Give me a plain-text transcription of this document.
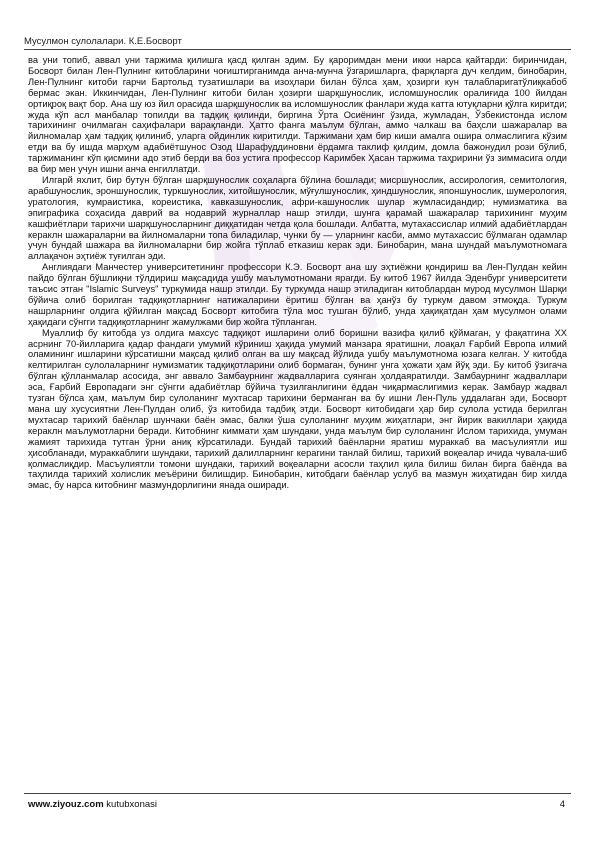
Мусулмон сулолалари. К.Е.Босворт

ва уни топиб, аввал уни таржима қилишга қасд қилган эдим. Бу қароримдан мени икки нарса қайтарди: биринчидан, Босворт билан Лен-Пулнинг китобларини чоғиштирганимда анча-мунча ўзгаришларга, фарқларга дуч келдим, бинобарин, Лен-Пулнинг китоби гарчи Бартольд тузатишлари ва изоҳлари билан бўлса ҳам, ҳозирги кун талабларигатўлиқкабоб бермас экан. Иккинчидан, Лен-Пулнинг китоби билан ҳозирги шарқшунослик, исломшунослик оралиғида 100 йилдан ортиқроқ вақт бор. Ана шу юз йил орасида шарқшунослик ва исломшунослик фанлари жуда катта ютуқларни қўлга киритди; жуда кўп асл манбалар топилди ва тадқиқ қилинди, биргина Ўрта Осиёнинг ўзида, жумладан, Ўзбекистонда ислом тарихининг очилмаган саҳифалари варақланди. Ҳатто фанга маълум бўлган, аммо чалкаш ва баҳсли шажаралар ва йилномалар ҳам тадқиқ қилиниб, уларга ойдинлик киритилди. Таржимани ҳам бир киши амалга ошира олмаслигига кўзим етди ва бу ишда марҳум адабиётшунос Озод Шарафуддиновни ёрдамга таклиф қилдим, домла бажонудил рози бўлиб, таржиманинг кўп қисмини адо этиб берди ва боз устига профессор Каримбек Ҳасан таржима таҳририни ўз зиммасига олди ва бир мен учун ишни анча енгиллатди.

Илгарй яхлит, бир бутун бўлган шарқшунослик соҳаларга бўлина бошлади; мисршунослик, ассирология, семитология, арабшунослик, эроншунослик, туркшунослик, хитойшунослик, мўғулшунослик, ҳиндшунослик, японшунослик, шумерология, уратология, кумраистика, кореистика, кавказшунослик, афри-кашунослик шулар жумласидандир; нумизматика ва эпиграфика соҳасида даврий ва нодаврий журналлар нашр этилди, шунга қарамай шажаралар тарихининг муҳим кашфиётлари тарихчи шарқшуносларнинг диққатидан четда қола бошлади. Албатта, мутахассислар илмий адабиётлардан кераклн шажараларни ва йилномаларни топа биладилар, чунки бу — уларнинг касби, аммо мутахассис бўлмаган одамлар учун бундай шажара ва йилномаларни бир жойга тўплаб етказиш керак эди. Бинобарин, мана шундай маълумотномага аллақачон эҳтиёж туғилган эди.

Англиядаги Манчестер университетининг профессори К.Э. Босворт ана шу эҳтиёжни қондириш ва Лен-Пулдан кейин пайдо бўлган бўшлиқни тўлдириш мақсадида ушбу маълумотномани ярагди. Бу китоб 1967 йилда Эденбург университети таъсис этган "Islamic Surveys" туркумида нашр этилди. Бу туркумда нашр этиладиган китоблардан мурод мусулмон Шарқи бўйича олиб борилган тадқиқотларнинг натижаларини ёритиш бўлган ва ҳанўз бу туркум давом этмоқда. Туркум нашрларнинг олдига қўйилган мақсад Босворт китобига тўла мос тушган бўлиб, унда ҳақиқатдан ҳам мусулмон олами ҳақидаги сўнгги тадқиқотларнинг жамулжами бир жойга тўпланган.

Муаллиф бу китобда уз олдига махсус тадқиқот ишларини олиб боришни вазифа қилиб қўймаган, у фақатгина ХХ асрнинг 70-йилларига қадар фандаги умумий кўриниш ҳақида умумий манзара яратишни, лоақал Ғарбий Европа илмий оламининг ишларини кўрсатишни мақсад қилиб олган ва шу мақсад йўлида ушбу маълумотнома юзага келган. У китобда келтирилган сулолаларнинг нумизматик тадқиқотларини олиб бормаган, бунинг унга ҳожати ҳам йўқ эди. Бу китоб ўзигача бўлган қўлланмалар асосида, энг аввало Замбаурнинг жадвалларига суянган ҳолдаяратилди. Замбаурнинг жадваллари эса, Ғарбий Европадаги энг сўнгги адабиётлар бўйича тузилганлигини ёддан чиқармаслигимиз керак. Замбаур жадвал тузган бўлса ҳам, маълум бир сулоланинг мухтасар тарихини берманган ва бу ишни Лен-Пуль уддалаган эди, Босворт мана шу хусусиятни Лен-Пулдан олиб, ўз китобида тадбиқ этди. Босворт китобидаги ҳар бир сулола устида берилган мухтасар тарихий баёнлар шунчаки баён эмас, балки ўша сулоланинг муҳим жиҳатлари, энг йирик вакиллари ҳақида кераклн маълумотларни беради. Китобнинг киммати ҳам шундаки, унда маълум бир сулоланинг Ислом тарихида, умуман жамият тарихида тутган ўрни аниқ кўрсатилади. Бундай тарихий баёнларни яратиш мураккаб ва масъулиятли иш ҳисобланади, мураккаблиги шундаки, тарихий далилларнинг керагини танлай билиш, тарихий воқеалар ичида чувала-шиб қолмаслиқдир. Масъулиятли томони шундаки, тарихий воқеаларни асосли таҳлил қила билиш билан бирга баёнда ва таҳлилда тарихий холислик меъёрини билишдир. Бинобарин, китобдаги баёнлар услуб ва мазмун жиҳатидан бир хилда эмас, бу нарса китобнинг мазмундорлигини янада оширади.

www.ziyouz.com kutubxonasi	4
